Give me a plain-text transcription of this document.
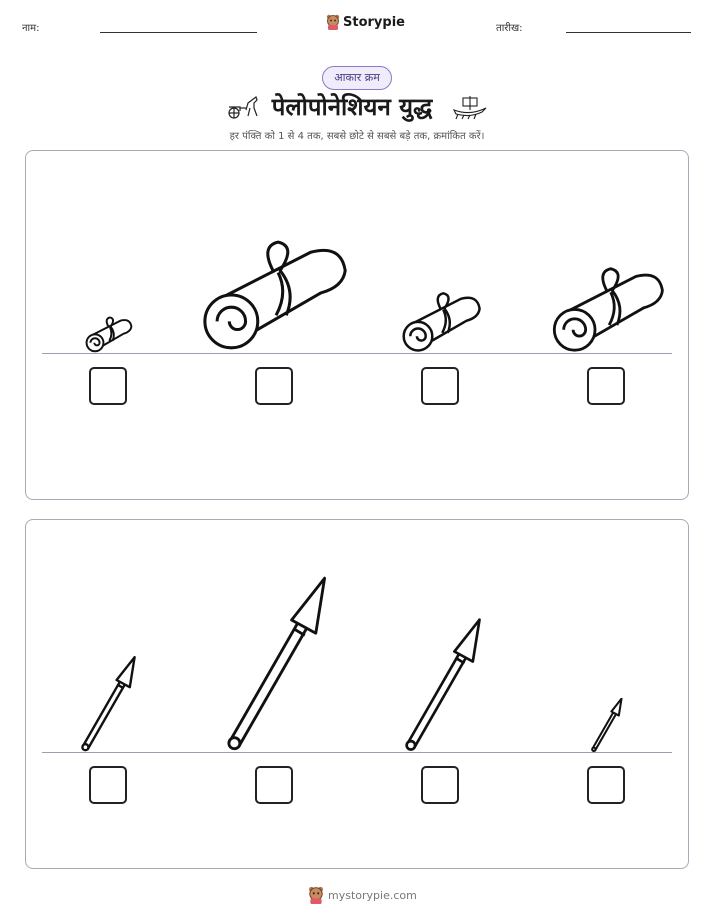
नाम:	Storypie	तारीख:
आकार क्रम
पेलोपोनेशियन युद्ध
हर पंक्ति को 1 से 4 तक, सबसे छोटे से सबसे बड़े तक, क्रमांकित करें।
mystorypie.com
